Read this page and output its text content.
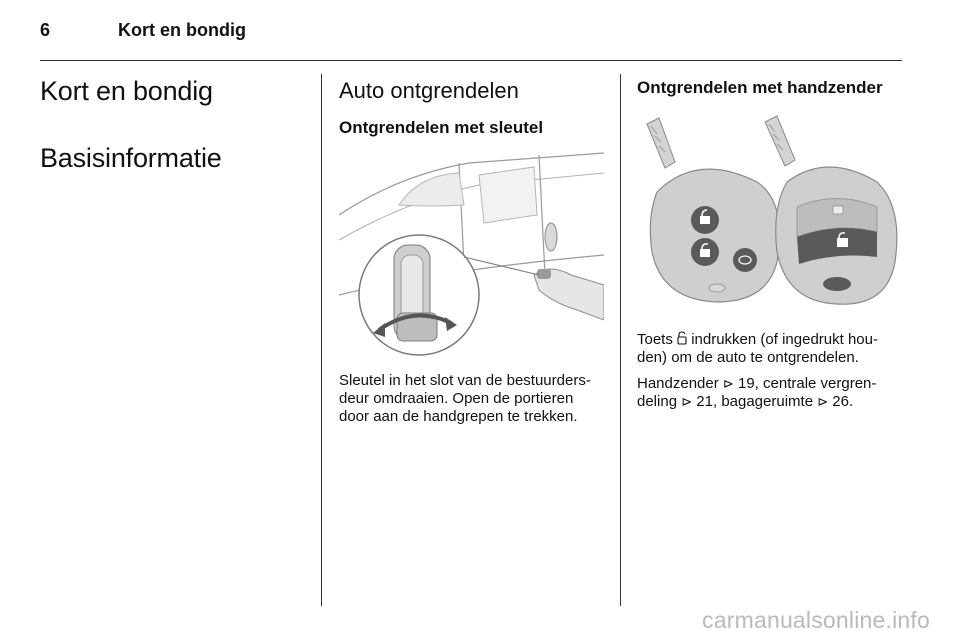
6	Kort en bondig
Kort en bondig
Basisinformatie
Auto ontgrendelen
Ontgrendelen met sleutel

Sleutel in het slot van de bestuurders-
deur omdraaien. Open de portieren
door aan de handgrepen te trekken.

Ontgrendelen met handzender

Toets indrukken (of ingedrukt hou-
den) om de auto te ontgrendelen.

Handzender ⊳ 19, centrale vergren-
deling ⊳ 21, bagageruimte ⊳ 26.

carmanualsonline.info
